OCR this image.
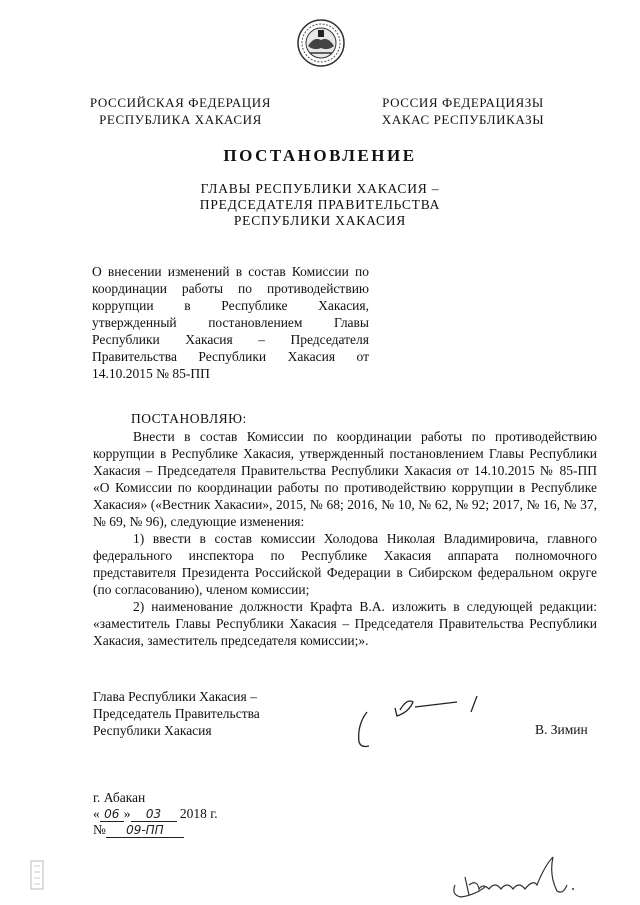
РОССИЙСКАЯ ФЕДЕРАЦИЯ
РЕСПУБЛИКА ХАКАСИЯ
РОССИЯ ФЕДЕРАЦИЯЗЫ
ХАКАС РЕСПУБЛИКАЗЫ
ПОСТАНОВЛЕНИЕ
ГЛАВЫ РЕСПУБЛИКИ ХАКАСИЯ –
ПРЕДСЕДАТЕЛЯ ПРАВИТЕЛЬСТВА
РЕСПУБЛИКИ ХАКАСИЯ
О внесении изменений в состав Комиссии по
координации работы по противодействию
коррупции в Республике Хакасия,
утвержденный постановлением Главы
Республики Хакасия – Председателя
Правительства Республики Хакасия от
14.10.2015 № 85-ПП
ПОСТАНОВЛЯЮ:

Внести в состав Комиссии по координации работы по противодействию коррупции в Республике Хакасия, утвержденный постановлением Главы Республики Хакасия – Председателя Правительства Республики Хакасия от 14.10.2015 № 85-ПП «О Комиссии по координации работы по противодействию коррупции в Республике Хакасия» («Вестник Хакасии», 2015, № 68; 2016, № 10, № 62, № 92; 2017, № 16, № 37, № 69, № 96), следующие изменения:

1) ввести в состав комиссии Холодова Николая Владимировича, главного федерального инспектора по Республике Хакасия аппарата полномочного представителя Президента Российской Федерации в Сибирском федеральном округе (по согласованию), членом комиссии;

2) наименование должности Крафта В.А. изложить в следующей редакции: «заместитель Главы Республики Хакасия – Председателя Правительства Республики Хакасия, заместитель председателя комиссии;».

Глава Республики Хакасия –
Председатель Правительства
Республики Хакасия	В. Зимин
г. Абакан
« 06 » 03 2018 г.
№ 09-ПП
